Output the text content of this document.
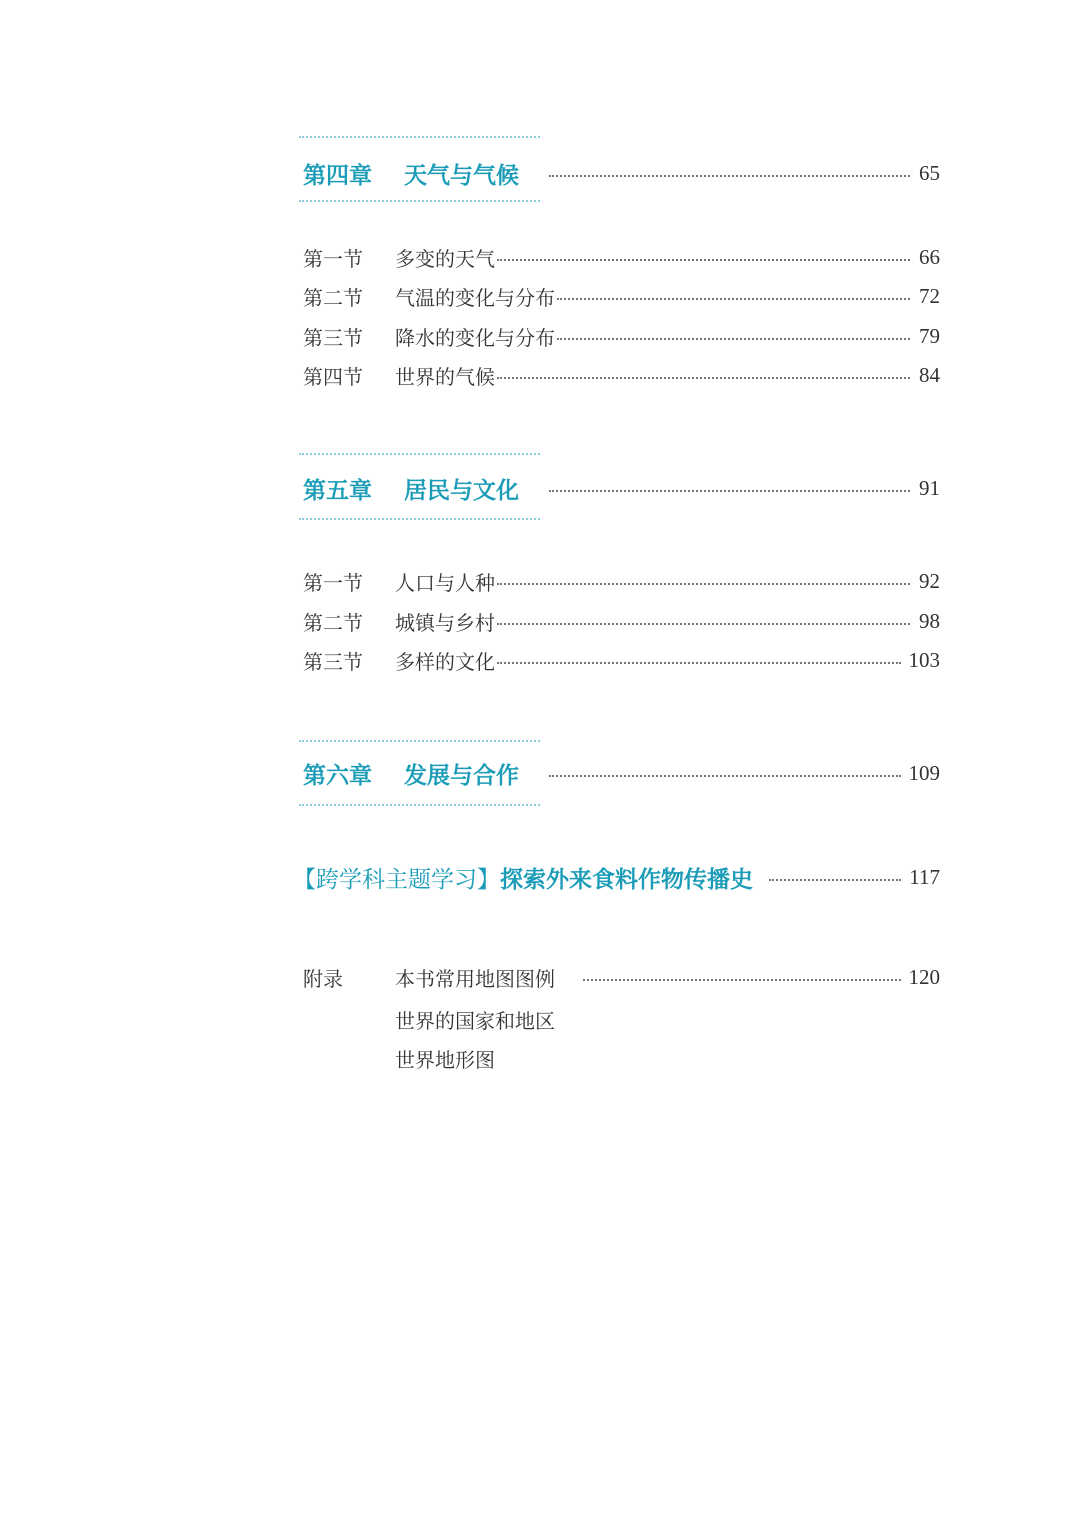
第四章 天气与气候	65
第一节 多变的天气	66
第二节 气温的变化与分布	72
第三节 降水的变化与分布	79
第四节 世界的气候	84
第五章 居民与文化	91
第一节 人口与人种	92
第二节 城镇与乡村	98
第三节 多样的文化	103
第六章 发展与合作	109
【跨学科主题学习】探索外来食料作物传播史	117
附录	本书常用地图图例	120
世界的国家和地区
世界地形图
